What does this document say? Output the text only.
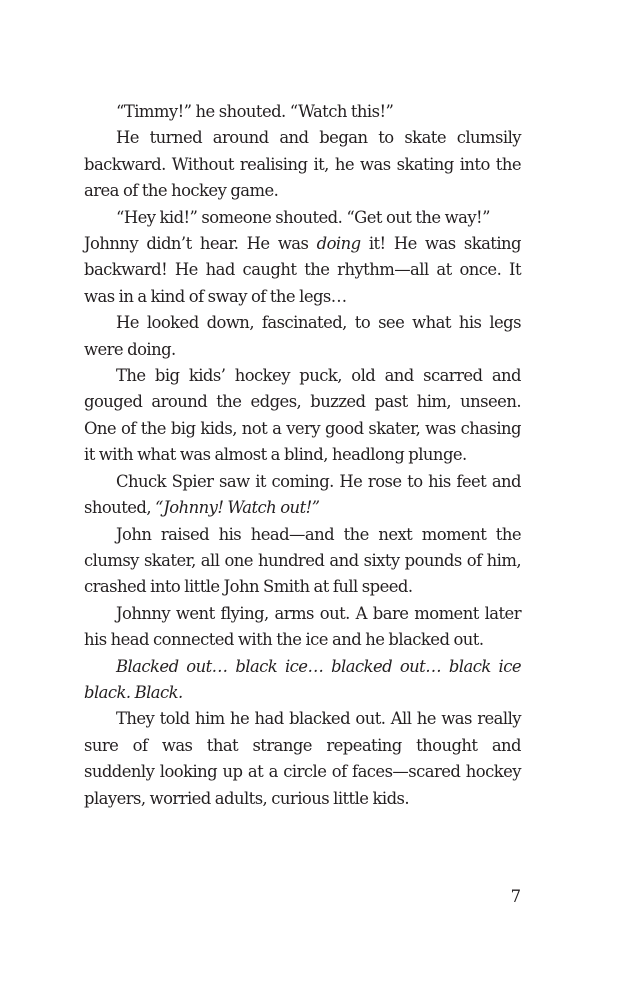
“Timmy!” he shouted. “Watch this!”

He turned around and began to skate clumsily backward. Without realising it, he was skating into the area of the hockey game.

“Hey kid!” someone shouted. “Get out the way!”

Johnny didn’t hear. He was doing it! He was skating backward! He had caught the rhythm—all at once. It was in a kind of sway of the legs…

He looked down, fascinated, to see what his legs were doing.

The big kids’ hockey puck, old and scarred and gouged around the edges, buzzed past him, unseen. One of the big kids, not a very good skater, was chasing it with what was almost a blind, headlong plunge.

Chuck Spier saw it coming. He rose to his feet and shouted, “Johnny! Watch out!”

John raised his head—and the next moment the clumsy skater, all one hundred and sixty pounds of him, crashed into little John Smith at full speed.

Johnny went flying, arms out. A bare moment later his head connected with the ice and he blacked out.

Blacked out… black ice… blacked out… black ice black. Black.

They told him he had blacked out. All he was really sure of was that strange repeating thought and suddenly looking up at a circle of faces—scared hockey players, worried adults, curious little kids.

7
